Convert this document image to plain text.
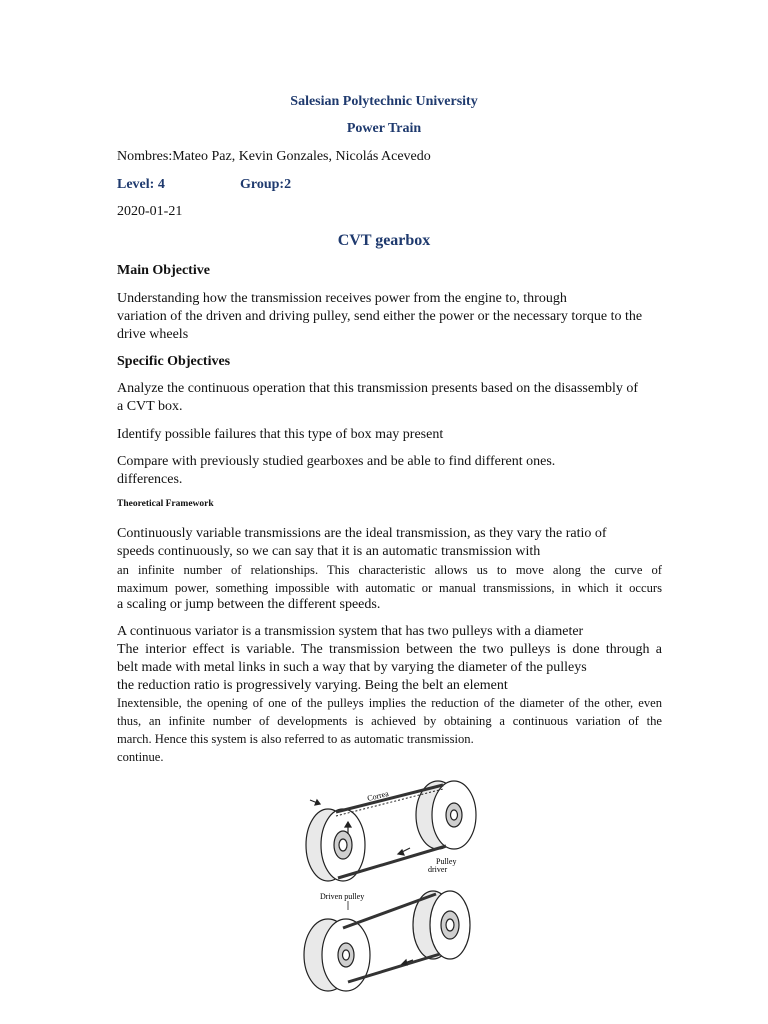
Salesian Polytechnic University
Power Train
Nombres:Mateo Paz, Kevin Gonzales, Nicolás Acevedo
Level: 4	Group:2
2020-01-21
CVT gearbox
Main Objective
Understanding how the transmission receives power from the engine to, through
variation of the driven and driving pulley, send either the power or the necessary torque to the
drive wheels
Specific Objectives
Analyze the continuous operation that this transmission presents based on the disassembly of
a CVT box.
Identify possible failures that this type of box may present
Compare with previously studied gearboxes and be able to find different ones.
differences.
Theoretical Framework
Continuously variable transmissions are the ideal transmission, as they vary the ratio of
speeds continuously, so we can say that it is an automatic transmission with
an infinite number of relationships. This characteristic allows us to move along the curve of
maximum power, something impossible with automatic or manual transmissions, in which it occurs
a scaling or jump between the different speeds.
A continuous variator is a transmission system that has two pulleys with a diameter
The interior effect is variable. The transmission between the two pulleys is done through a
belt made with metal links in such a way that by varying the diameter of the pulleys
the reduction ratio is progressively varying. Being the belt an element
Inextensible, the opening of one of the pulleys implies the reduction of the diameter of the other, even
thus, an infinite number of developments is achieved by obtaining a continuous variation of the
march. Hence this system is also referred to as automatic transmission.
continue.
Correa
Pulley
driver
Driven pulley
